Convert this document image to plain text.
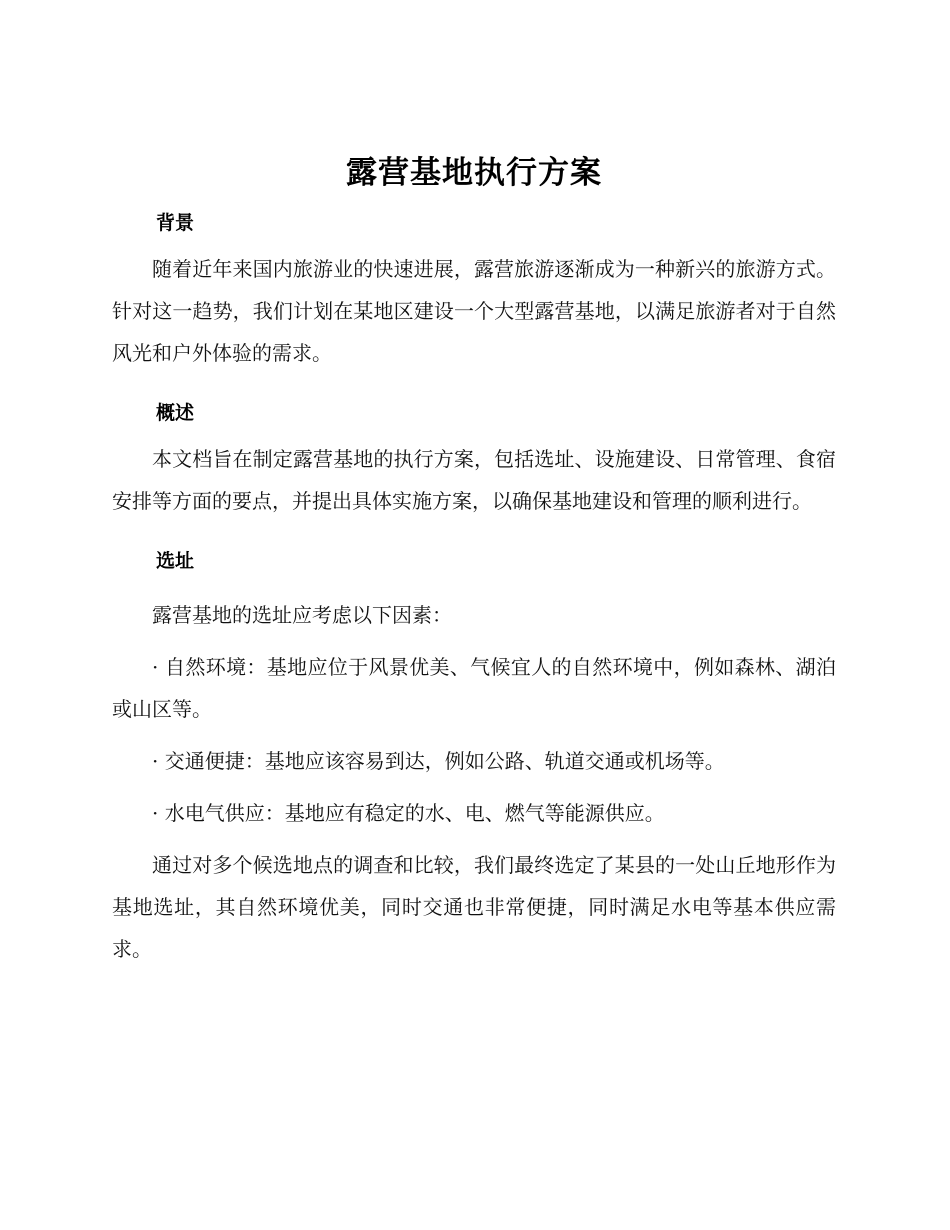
露营基地执行方案
背景

随着近年来国内旅游业的快速进展，露营旅游逐渐成为一种新兴的旅游方式。针对这一趋势，我们计划在某地区建设一个大型露营基地，以满足旅游者对于自然风光和户外体验的需求。

概述

本文档旨在制定露营基地的执行方案，包括选址、设施建设、日常管理、食宿安排等方面的要点，并提出具体实施方案，以确保基地建设和管理的顺利进行。

选址

露营基地的选址应考虑以下因素：

· 自然环境：基地应位于风景优美、气候宜人的自然环境中，例如森林、湖泊或山区等。

· 交通便捷：基地应该容易到达，例如公路、轨道交通或机场等。

· 水电气供应：基地应有稳定的水、电、燃气等能源供应。

通过对多个候选地点的调查和比较，我们最终选定了某县的一处山丘地形作为基地选址，其自然环境优美，同时交通也非常便捷，同时满足水电等基本供应需求。
